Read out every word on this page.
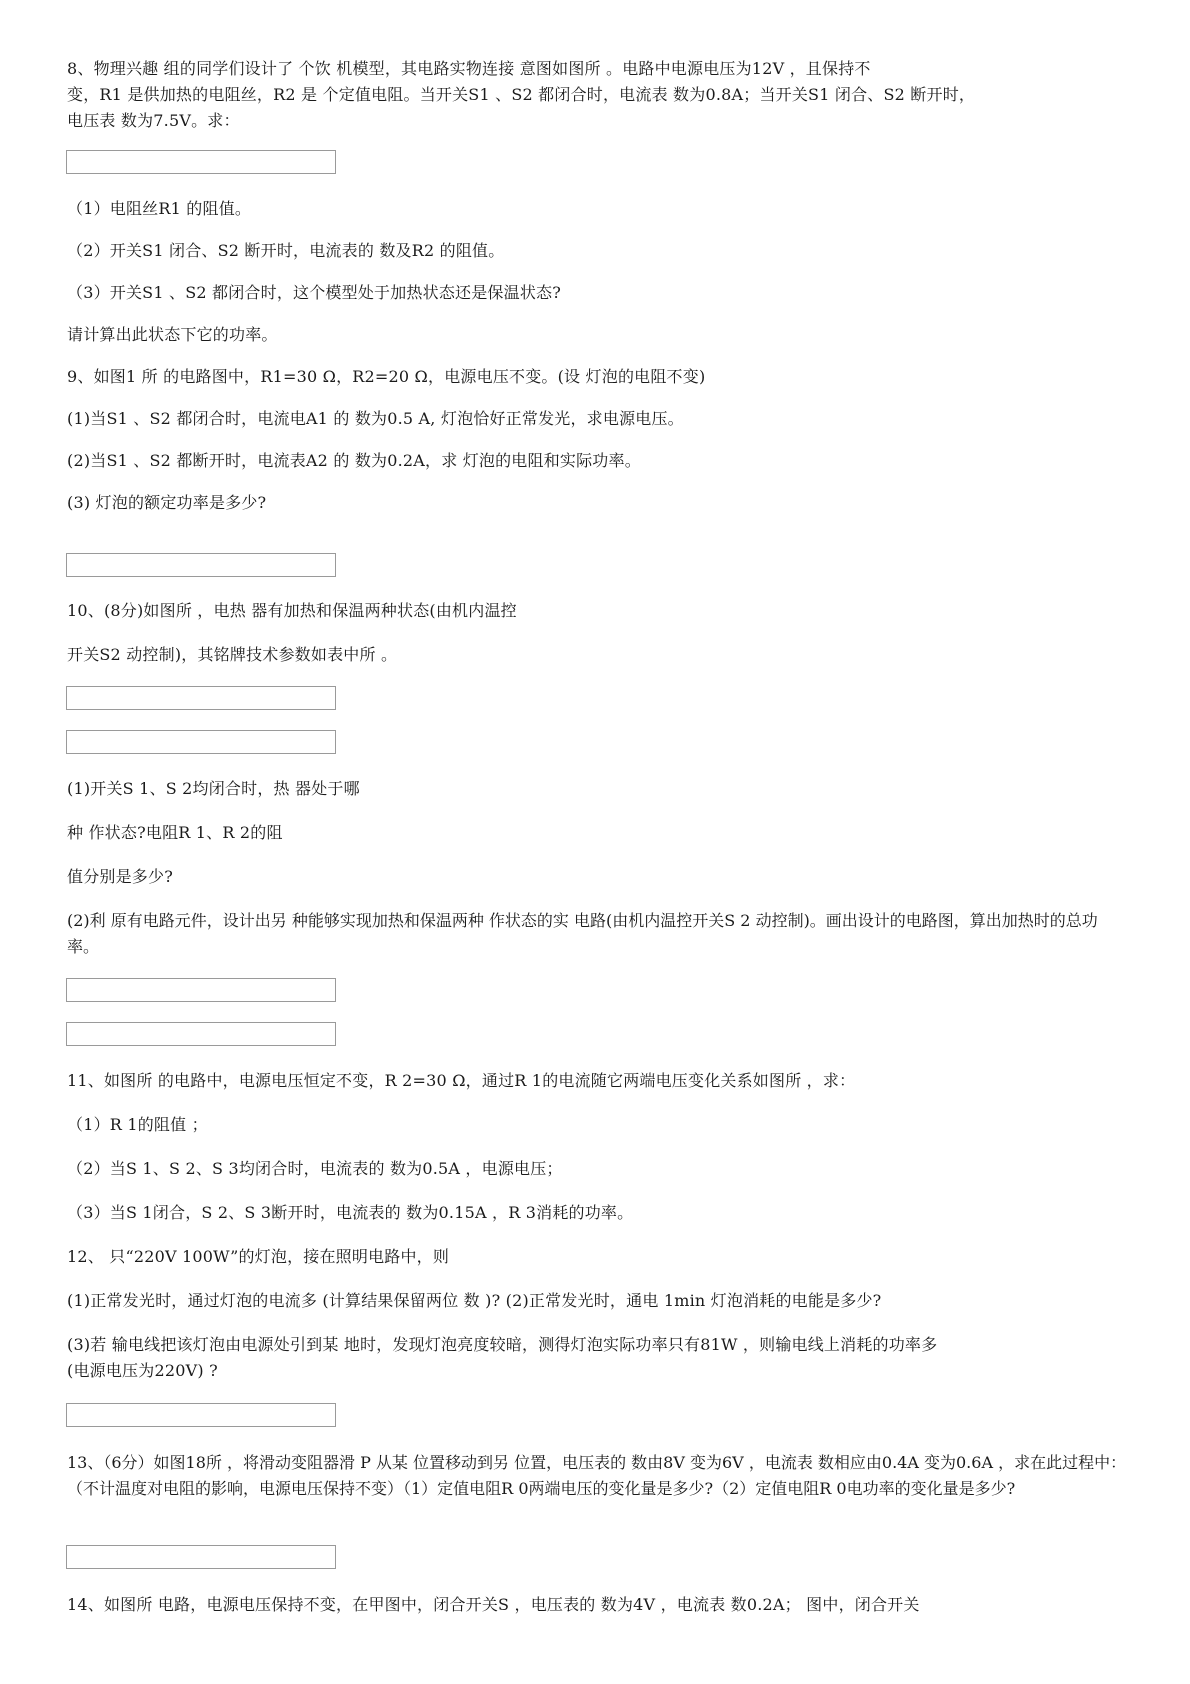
8、物理兴趣 组的同学们设计了 个饮 机模型，其电路实物连接 意图如图所 。电路中电源电压为12V ，且保持不
变，R1 是供加热的电阻丝，R2 是 个定值电阻。当开关S1 、S2 都闭合时，电流表 数为0.8A；当开关S1 闭合、S2 断开时，
电压表 数为7.5V。求：
（1）电阻丝R1 的阻值。
（2）开关S1 闭合、S2 断开时，电流表的 数及R2 的阻值。
（3）开关S1 、S2 都闭合时，这个模型处于加热状态还是保温状态?
请计算出此状态下它的功率。
9、如图1 所 的电路图中，R1=30 Ω，R2=20 Ω，电源电压不变。(设 灯泡的电阻不变)
(1)当S1 、S2 都闭合时，电流电A1 的 数为0.5 A, 灯泡恰好正常发光，求电源电压。
(2)当S1 、S2 都断开时，电流表A2 的 数为0.2A，求 灯泡的电阻和实际功率。
(3) 灯泡的额定功率是多少?
10、(8分)如图所 ，电热 器有加热和保温两种状态(由机内温控
开关S2 动控制)，其铭牌技术参数如表中所 。
(1)开关S 1、S 2均闭合时，热 器处于哪
种 作状态?电阻R 1、R 2的阻
值分别是多少?
(2)利 原有电路元件，设计出另 种能够实现加热和保温两种 作状态的实 电路(由机内温控开关S 2 动控制)。画出设计的电路图，算出加热时的总功率。
11、如图所 的电路中，电源电压恒定不变，R 2=30 Ω，通过R 1的电流随它两端电压变化关系如图所 ，求：
（1）R 1的阻值 ；
（2）当S 1、S 2、S 3均闭合时，电流表的 数为0.5A ，电源电压；
（3）当S 1闭合，S 2、S 3断开时，电流表的 数为0.15A ，R 3消耗的功率。
12、 只“220V 100W”的灯泡，接在照明电路中，则
(1)正常发光时，通过灯泡的电流多 (计算结果保留两位 数 )? (2)正常发光时，通电 1min 灯泡消耗的电能是多少?
(3)若 输电线把该灯泡由电源处引到某 地时，发现灯泡亮度较暗，测得灯泡实际功率只有81W ，则输电线上消耗的功率多
(电源电压为220V) ?
13、（6分）如图18所 ，将滑动变阻器滑 P 从某 位置移动到另 位置，电压表的 数由8V 变为6V ，电流表 数相应由0.4A 变为0.6A ，求在此过程中：（不计温度对电阻的影响，电源电压保持不变）（1）定值电阻R 0两端电压的变化量是多少?（2）定值电阻R 0电功率的变化量是多少?
14、如图所 电路，电源电压保持不变，在甲图中，闭合开关S ，电压表的 数为4V ，电流表 数0.2A； 图中，闭合开关
